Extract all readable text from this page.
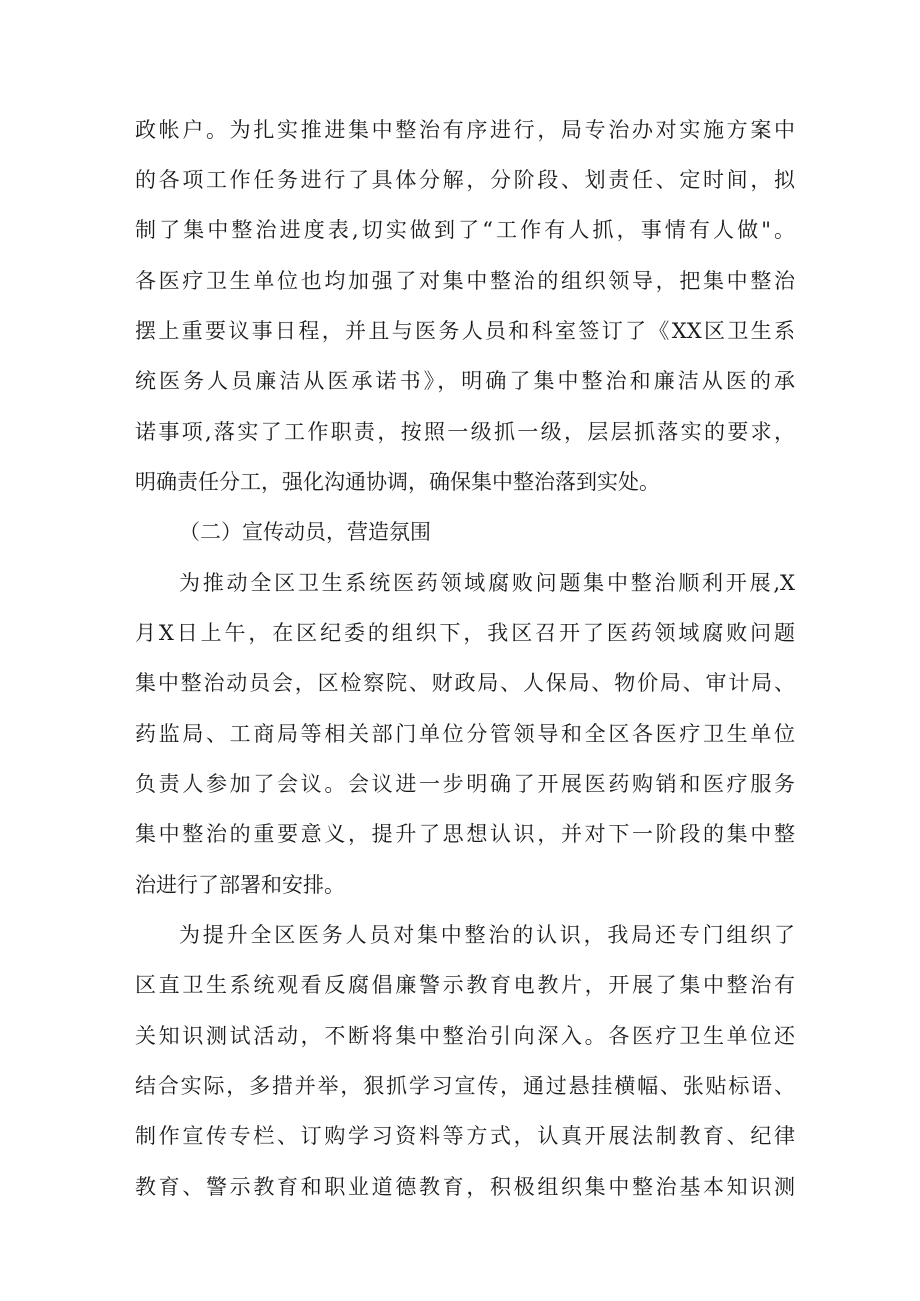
政帐户。为扎实推进集中整治有序进行，局专治办对实施方案中
的各项工作任务进行了具体分解，分阶段、划责任、定时间，拟
制了集中整治进度表,切实做到了“工作有人抓，事情有人做"。
各医疗卫生单位也均加强了对集中整治的组织领导，把集中整治
摆上重要议事日程，并且与医务人员和科室签订了《XX区卫生系
统医务人员廉洁从医承诺书》，明确了集中整治和廉洁从医的承
诺事项,落实了工作职责，按照一级抓一级，层层抓落实的要求，
明确责任分工，强化沟通协调，确保集中整治落到实处。
（二）宣传动员，营造氛围
为推动全区卫生系统医药领域腐败问题集中整治顺利开展,X
月X日上午，在区纪委的组织下，我区召开了医药领域腐败问题
集中整治动员会，区检察院、财政局、人保局、物价局、审计局、
药监局、工商局等相关部门单位分管领导和全区各医疗卫生单位
负责人参加了会议。会议进一步明确了开展医药购销和医疗服务
集中整治的重要意义，提升了思想认识，并对下一阶段的集中整
治进行了部署和安排。
为提升全区医务人员对集中整治的认识，我局还专门组织了
区直卫生系统观看反腐倡廉警示教育电教片，开展了集中整治有
关知识测试活动，不断将集中整治引向深入。各医疗卫生单位还
结合实际，多措并举，狠抓学习宣传，通过悬挂横幅、张贴标语、
制作宣传专栏、订购学习资料等方式，认真开展法制教育、纪律
教育、警示教育和职业道德教育，积极组织集中整治基本知识测
